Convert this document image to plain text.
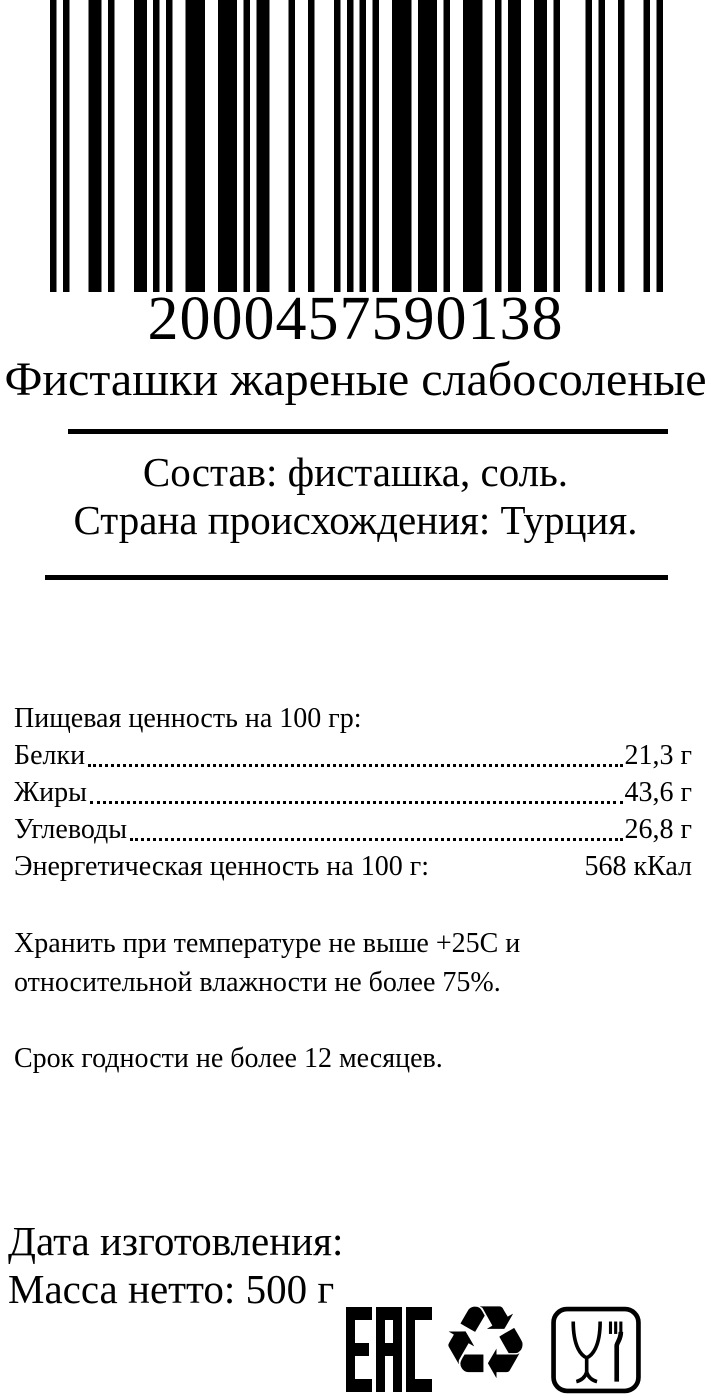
2000457590138
Фисташки жареные слабосоленые
Состав: фисташка, соль.
Страна происхождения: Турция.
Пищевая ценность на 100 гр:
Белки	21,3 г
Жиры	43,6 г
Углеводы	26,8 г
Энергетическая ценность на 100 г:	568 кКал
Хранить при температуре не выше +25С и
относительной влажности не более 75%.
Срок годности не более 12 месяцев.
Дата изготовления:
Масса нетто: 500 г ♻
